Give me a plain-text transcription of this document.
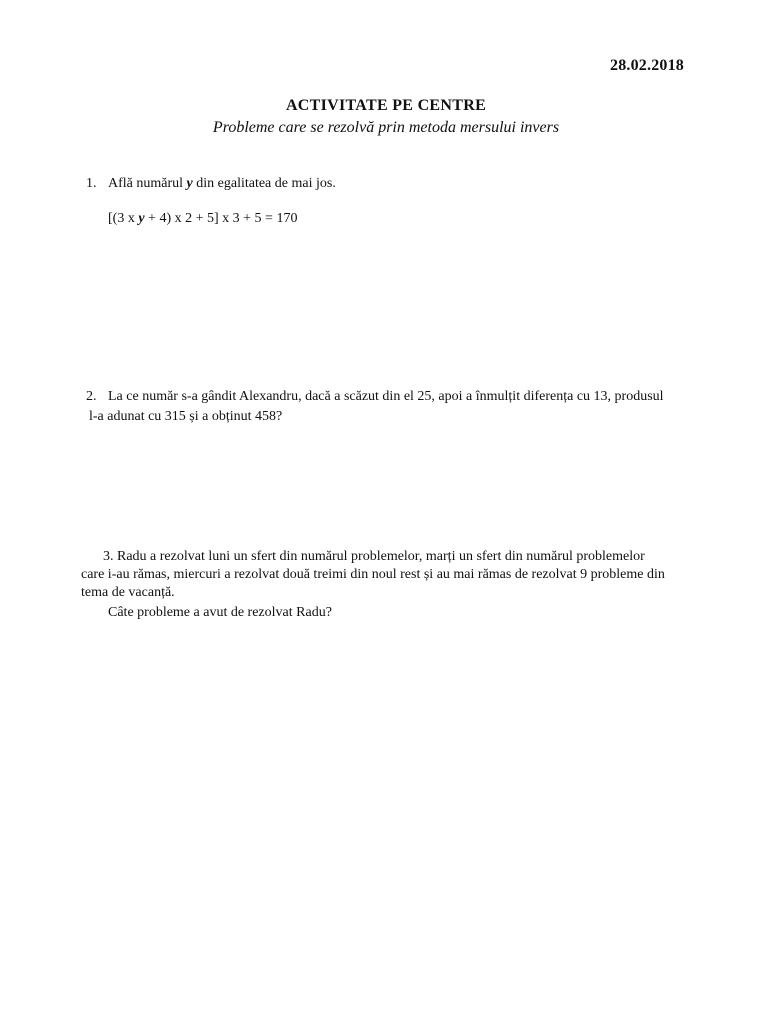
28.02.2018
ACTIVITATE PE CENTRE
Probleme care se rezolvă prin metoda mersului invers
1. Află numărul y din egalitatea de mai jos.
[(3 x y + 4) x 2 + 5] x 3 + 5 = 170
2. La ce număr s-a gândit Alexandru, dacă a scăzut din el 25, apoi a înmulțit diferența cu 13, produsul
l-a adunat cu 315 și a obținut 458?
3. Radu a rezolvat luni un sfert din numărul problemelor, marți un sfert din numărul problemelor
care i-au rămas, miercuri a rezolvat două treimi din noul rest și au mai rămas de rezolvat 9 probleme din
tema de vacanță.
Câte probleme a avut de rezolvat Radu?
